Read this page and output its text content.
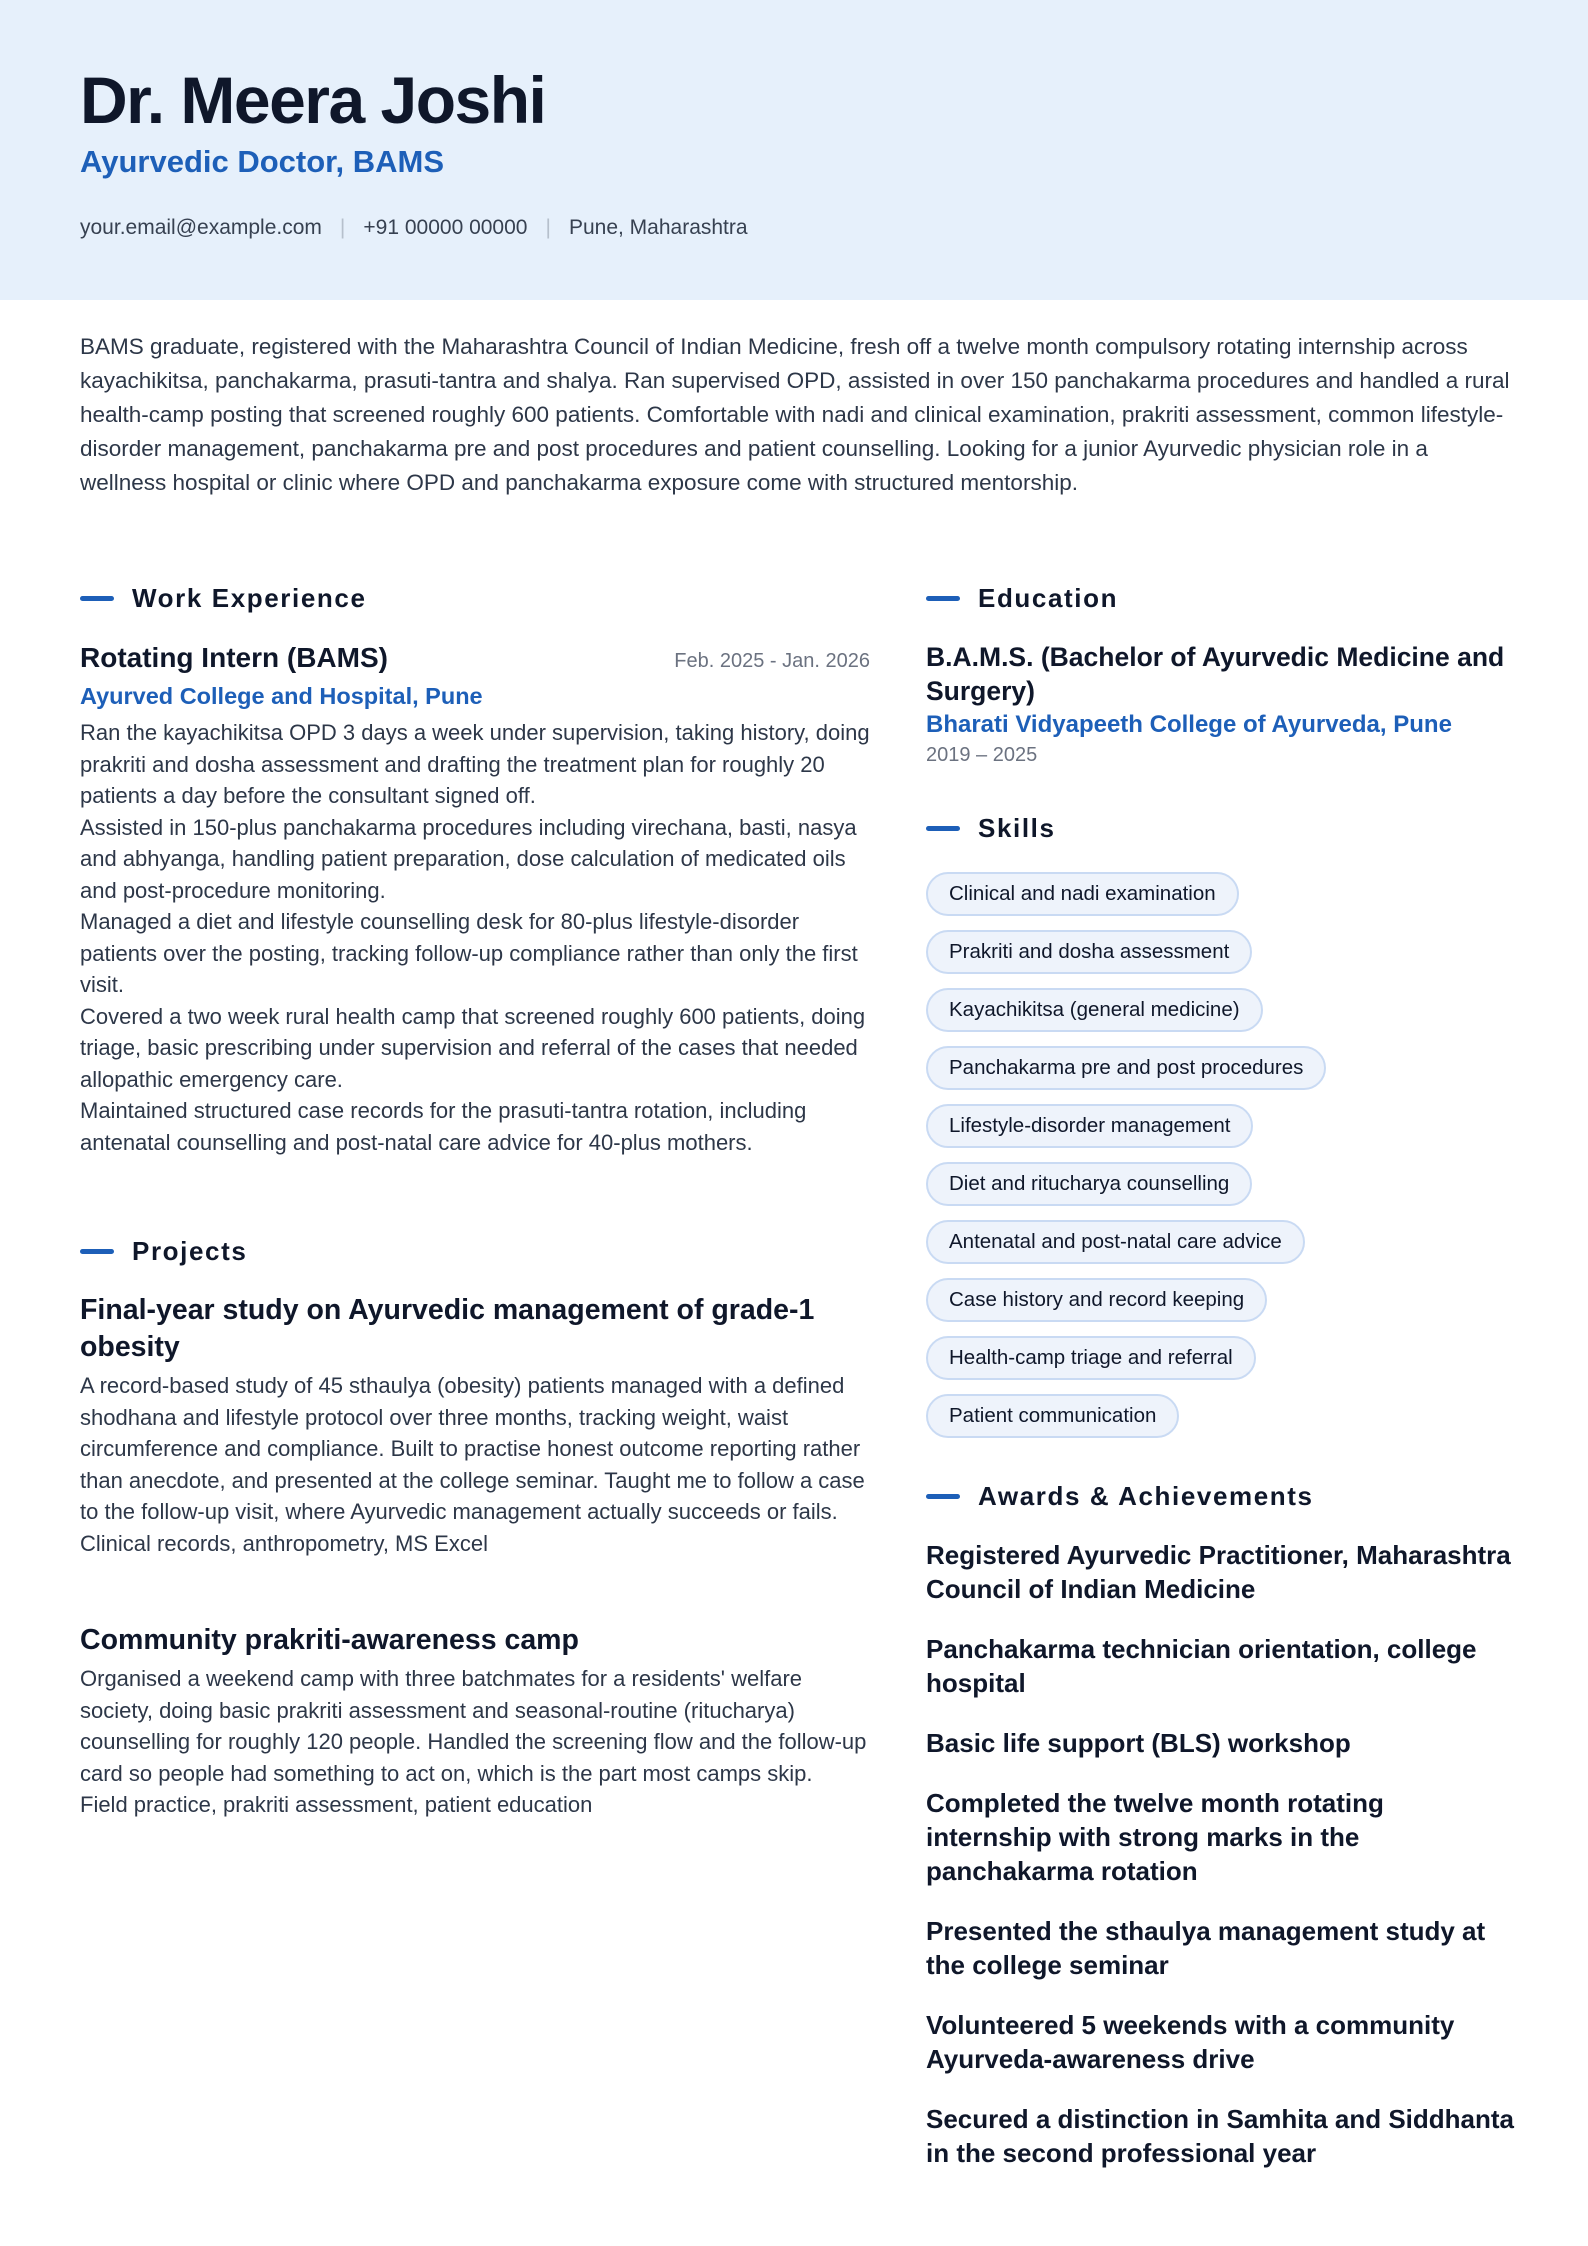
Dr. Meera Joshi
Ayurvedic Doctor, BAMS
your.email@example.com | +91 00000 00000 | Pune, Maharashtra

BAMS graduate, registered with the Maharashtra Council of Indian Medicine, fresh off a twelve month compulsory rotating internship across kayachikitsa, panchakarma, prasuti-tantra and shalya. Ran supervised OPD, assisted in over 150 panchakarma procedures and handled a rural health-camp posting that screened roughly 600 patients. Comfortable with nadi and clinical examination, prakriti assessment, common lifestyle-disorder management, panchakarma pre and post procedures and patient counselling. Looking for a junior Ayurvedic physician role in a wellness hospital or clinic where OPD and panchakarma exposure come with structured mentorship.

Work Experience
Rotating Intern (BAMS)	Feb. 2025 - Jan. 2026
Ayurved College and Hospital, Pune

Ran the kayachikitsa OPD 3 days a week under supervision, taking history, doing prakriti and dosha assessment and drafting the treatment plan for roughly 20 patients a day before the consultant signed off.

Assisted in 150-plus panchakarma procedures including virechana, basti, nasya and abhyanga, handling patient preparation, dose calculation of medicated oils and post-procedure monitoring.

Managed a diet and lifestyle counselling desk for 80-plus lifestyle-disorder patients over the posting, tracking follow-up compliance rather than only the first visit.

Covered a two week rural health camp that screened roughly 600 patients, doing triage, basic prescribing under supervision and referral of the cases that needed allopathic emergency care.

Maintained structured case records for the prasuti-tantra rotation, including antenatal counselling and post-natal care advice for 40-plus mothers.

Projects
Final-year study on Ayurvedic management of grade-1 obesity

A record-based study of 45 sthaulya (obesity) patients managed with a defined shodhana and lifestyle protocol over three months, tracking weight, waist circumference and compliance. Built to practise honest outcome reporting rather than anecdote, and presented at the college seminar. Taught me to follow a case to the follow-up visit, where Ayurvedic management actually succeeds or fails.

Clinical records, anthropometry, MS Excel

Community prakriti-awareness camp

Organised a weekend camp with three batchmates for a residents' welfare society, doing basic prakriti assessment and seasonal-routine (ritucharya) counselling for roughly 120 people. Handled the screening flow and the follow-up card so people had something to act on, which is the part most camps skip.

Field practice, prakriti assessment, patient education

Education
B.A.M.S. (Bachelor of Ayurvedic Medicine and Surgery)
Bharati Vidyapeeth College of Ayurveda, Pune
2019 – 2025
Skills
Clinical and nadi examination
Prakriti and dosha assessment
Kayachikitsa (general medicine)
Panchakarma pre and post procedures
Lifestyle-disorder management
Diet and ritucharya counselling
Antenatal and post-natal care advice
Case history and record keeping
Health-camp triage and referral
Patient communication
Awards & Achievements

Registered Ayurvedic Practitioner, Maharashtra Council of Indian Medicine

Panchakarma technician orientation, college hospital

Basic life support (BLS) workshop

Completed the twelve month rotating internship with strong marks in the panchakarma rotation

Presented the sthaulya management study at the college seminar

Volunteered 5 weekends with a community Ayurveda-awareness drive

Secured a distinction in Samhita and Siddhanta in the second professional year
